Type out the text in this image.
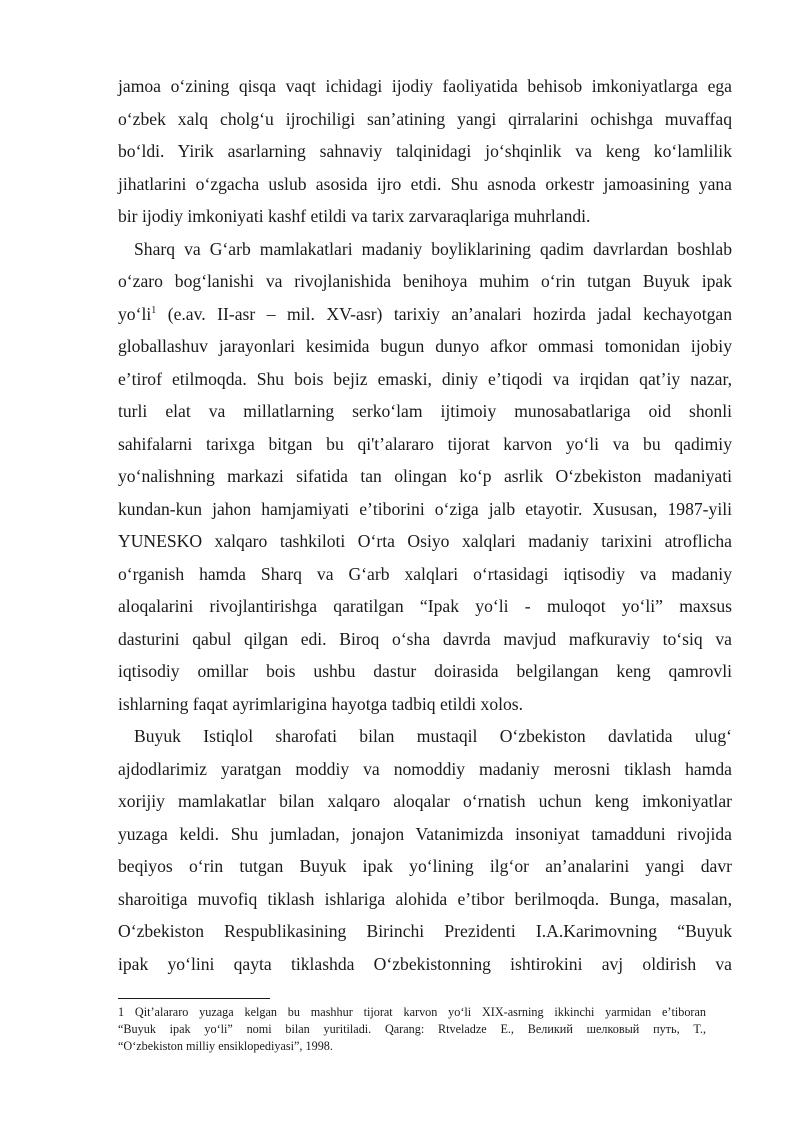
jamoa oʻzining qisqa vaqt ichidagi ijodiy faoliyatida behisob imkoniyatlarga ega
oʻzbek xalq cholgʻu ijrochiligi sanʼatining yangi qirralarini ochishga muvaffaq
boʻldi. Yirik asarlarning sahnaviy talqinidagi joʻshqinlik va keng koʻlamlilik
jihatlarini oʻzgacha uslub asosida ijro etdi. Shu asnoda orkestr jamoasining yana
bir ijodiy imkoniyati kashf etildi va tarix zarvaraqlariga muhrlandi.
Sharq va Gʻarb mamlakatlari madaniy boyliklarining qadim davrlardan boshlab
oʻzaro bogʻlanishi va rivojlanishida benihoya muhim oʻrin tutgan Buyuk ipak
yoʻli$^1$ (e.av. II-asr – mil. XV-asr) tarixiy anʼanalari hozirda jadal kechayotgan
globallashuv jarayonlari kesimida bugun dunyo afkor ommasi tomonidan ijobiy
eʼtirof etilmoqda. Shu bois bejiz emaski, diniy eʼtiqodi va irqidan qatʼiy nazar,
turli elat va millatlarning serkoʻlam ijtimoiy munosabatlariga oid shonli
sahifalarni tarixga bitgan bu qi'tʼalararo tijorat karvon yoʻli va bu qadimiy
yoʻnalishning markazi sifatida tan olingan koʻp asrlik Oʻzbekiston madaniyati
kundan-kun jahon hamjamiyati eʼtiborini oʻziga jalb etayotir. Xususan, 1987-yili
YUNESKO xalqaro tashkiloti Oʻrta Osiyo xalqlari madaniy tarixini atroflicha
oʻrganish hamda Sharq va Gʻarb xalqlari oʻrtasidagi iqtisodiy va madaniy
aloqalarini rivojlantirishga qaratilgan “Ipak yoʻli - muloqot yoʻli” maxsus
dasturini qabul qilgan edi. Biroq oʻsha davrda mavjud mafkuraviy toʻsiq va
iqtisodiy omillar bois ushbu dastur doirasida belgilangan keng qamrovli
ishlarning faqat ayrimlarigina hayotga tadbiq etildi xolos.
Buyuk Istiqlol sharofati bilan mustaqil Oʻzbekiston davlatida ulugʻ
ajdodlarimiz yaratgan moddiy va nomoddiy madaniy merosni tiklash hamda
xorijiy mamlakatlar bilan xalqaro aloqalar oʻrnatish uchun keng imkoniyatlar
yuzaga keldi. Shu jumladan, jonajon Vatanimizda insoniyat tamadduni rivojida
beqiyos oʻrin tutgan Buyuk ipak yoʻlining ilgʻor anʼanalarini yangi davr
sharoitiga muvofiq tiklash ishlariga alohida eʼtibor berilmoqda. Bunga, masalan,
Oʻzbekiston Respublikasining Birinchi Prezidenti I.A.Karimovning “Buyuk
ipak yoʻlini qayta tiklashda Oʻzbekistonning ishtirokini avj oldirish va
1 Qitʼalararo yuzaga kelgan bu mashhur tijorat karvon yoʻli XIX-asrning ikkinchi yarmidan eʼtiboran
“Buyuk ipak yoʻli” nomi bilan yuritiladi. Qarang: Rtveladze E., Великий шелковый путь, T.,
“Oʻzbekiston milliy ensiklopediyasi”, 1998.
